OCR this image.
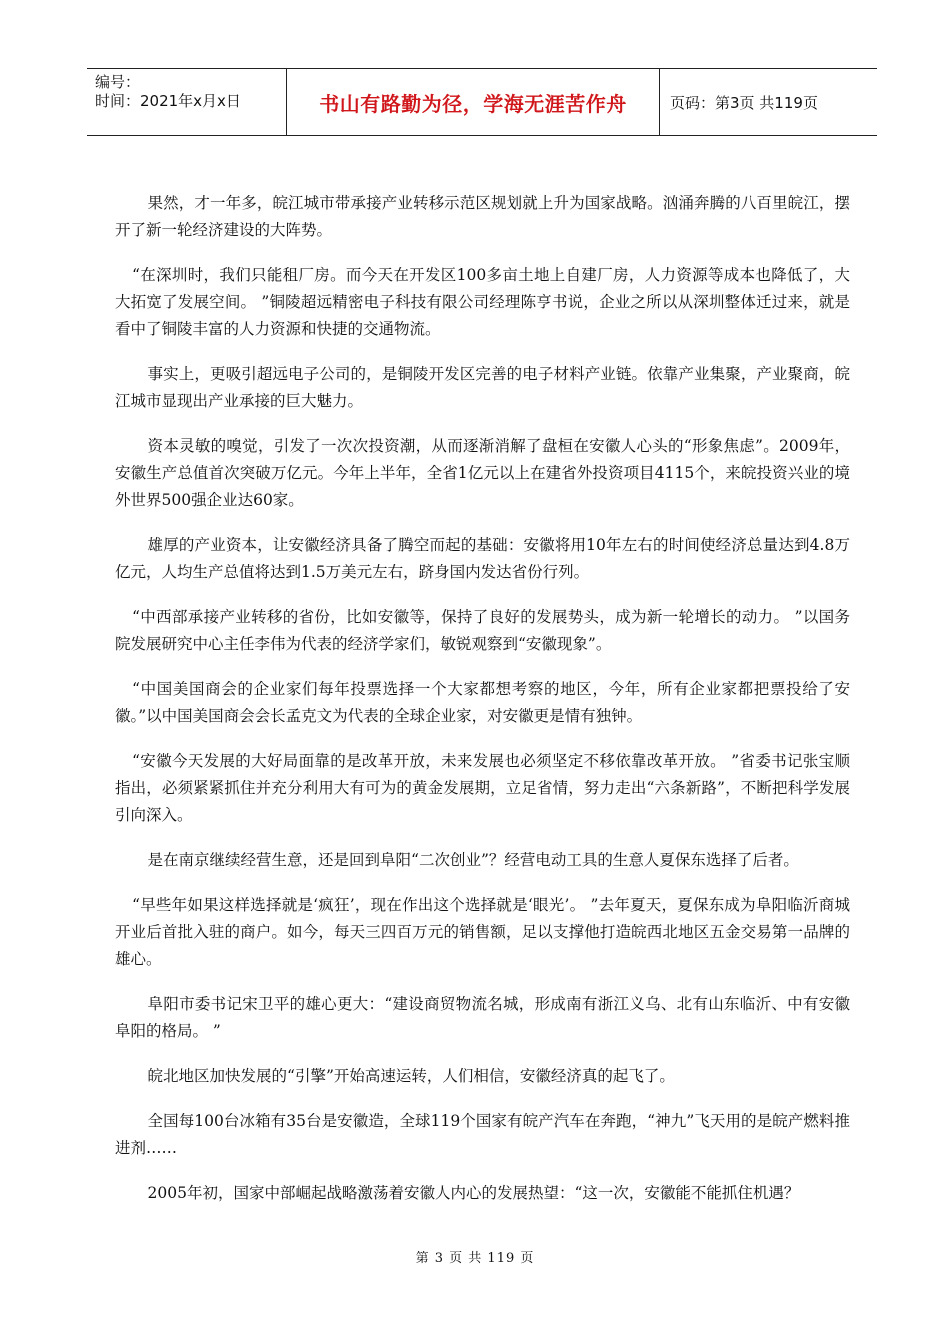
编号：
时间：2021年x月x日	书山有路勤为径，学海无涯苦作舟	页码：第3页 共119页

果然，才一年多，皖江城市带承接产业转移示范区规划就上升为国家战略。汹涌奔腾的八百里皖江，摆开了新一轮经济建设的大阵势。

“在深圳时，我们只能租厂房。而今天在开发区100多亩土地上自建厂房，人力资源等成本也降低了，大大拓宽了发展空间。 ”铜陵超远精密电子科技有限公司经理陈亨书说，企业之所以从深圳整体迁过来，就是看中了铜陵丰富的人力资源和快捷的交通物流。

事实上，更吸引超远电子公司的，是铜陵开发区完善的电子材料产业链。依靠产业集聚，产业聚商，皖江城市显现出产业承接的巨大魅力。

资本灵敏的嗅觉，引发了一次次投资潮，从而逐渐消解了盘桓在安徽人心头的“形象焦虑”。2009年，安徽生产总值首次突破万亿元。今年上半年，全省1亿元以上在建省外投资项目4115个，来皖投资兴业的境外世界500强企业达60家。

雄厚的产业资本，让安徽经济具备了腾空而起的基础：安徽将用10年左右的时间使经济总量达到4.8万亿元，人均生产总值将达到1.5万美元左右，跻身国内发达省份行列。

“中西部承接产业转移的省份，比如安徽等，保持了良好的发展势头，成为新一轮增长的动力。 ”以国务院发展研究中心主任李伟为代表的经济学家们，敏锐观察到“安徽现象”。

“中国美国商会的企业家们每年投票选择一个大家都想考察的地区，今年，所有企业家都把票投给了安徽。”以中国美国商会会长孟克文为代表的全球企业家，对安徽更是情有独钟。

“安徽今天发展的大好局面靠的是改革开放，未来发展也必须坚定不移依靠改革开放。 ”省委书记张宝顺指出，必须紧紧抓住并充分利用大有可为的黄金发展期，立足省情，努力走出“六条新路”，不断把科学发展引向深入。

是在南京继续经营生意，还是回到阜阳“二次创业”？经营电动工具的生意人夏保东选择了后者。

“早些年如果这样选择就是‘疯狂’，现在作出这个选择就是‘眼光’。 ”去年夏天，夏保东成为阜阳临沂商城开业后首批入驻的商户。如今，每天三四百万元的销售额，足以支撑他打造皖西北地区五金交易第一品牌的雄心。

阜阳市委书记宋卫平的雄心更大：“建设商贸物流名城，形成南有浙江义乌、北有山东临沂、中有安徽阜阳的格局。 ”

皖北地区加快发展的“引擎”开始高速运转，人们相信，安徽经济真的起飞了。

全国每100台冰箱有35台是安徽造，全球119个国家有皖产汽车在奔跑，“神九”飞天用的是皖产燃料推进剂……

2005年初，国家中部崛起战略激荡着安徽人内心的发展热望：“这一次，安徽能不能抓住机遇？

第 3 页 共 119 页
